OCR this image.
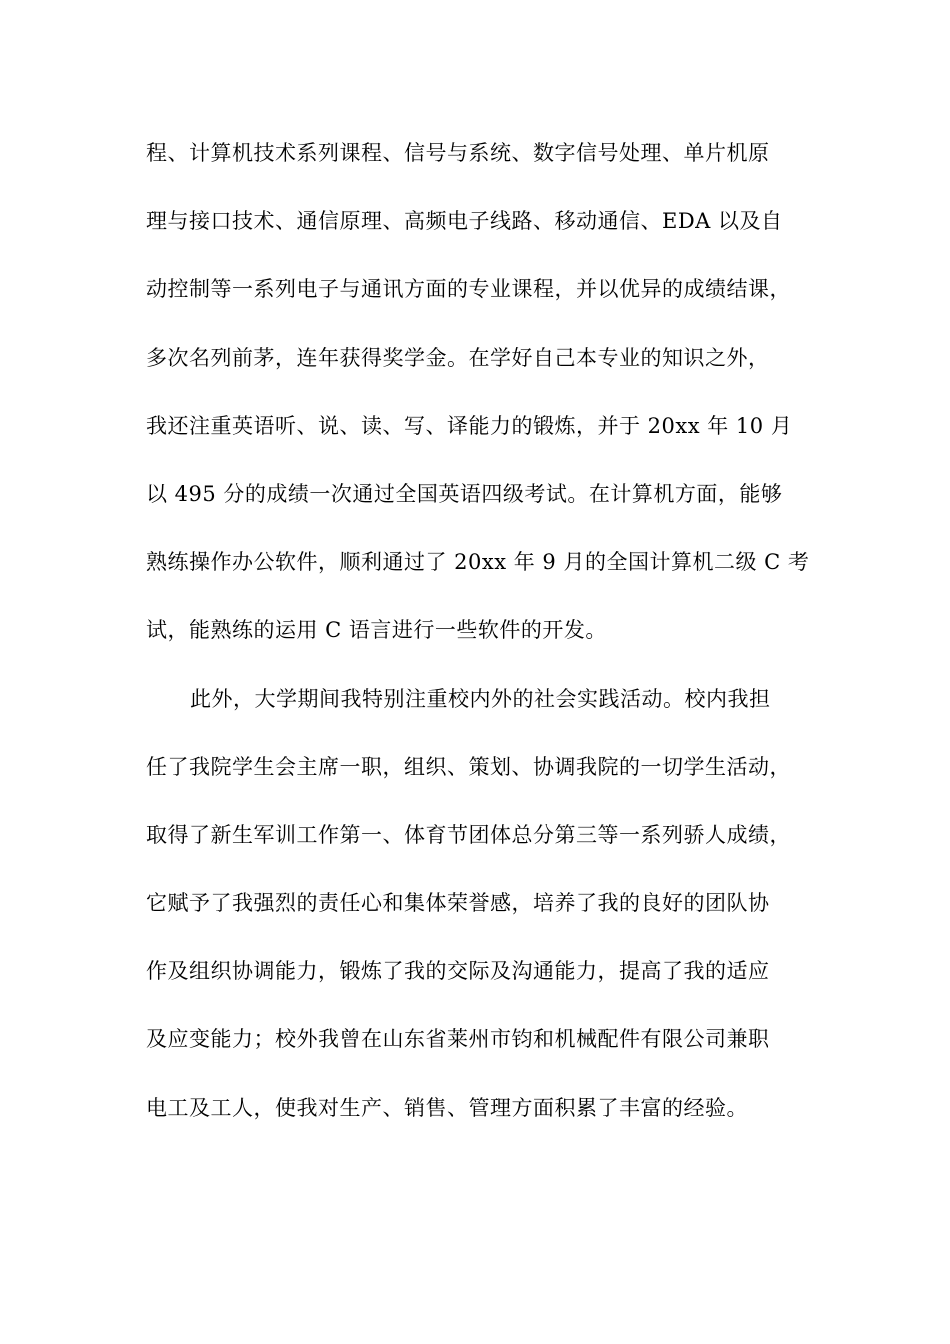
程、计算机技术系列课程、信号与系统、数字信号处理、单片机原
理与接口技术、通信原理、高频电子线路、移动通信、EDA 以及自
动控制等一系列电子与通讯方面的专业课程，并以优异的成绩结课，
多次名列前茅，连年获得奖学金。在学好自己本专业的知识之外，
我还注重英语听、说、读、写、译能力的锻炼，并于 20xx 年 10 月
以 495 分的成绩一次通过全国英语四级考试。在计算机方面，能够
熟练操作办公软件，顺利通过了 20xx 年 9 月的全国计算机二级 C 考
试，能熟练的运用 C 语言进行一些软件的开发。
此外，大学期间我特别注重校内外的社会实践活动。校内我担
任了我院学生会主席一职，组织、策划、协调我院的一切学生活动，
取得了新生军训工作第一、体育节团体总分第三等一系列骄人成绩，
它赋予了我强烈的责任心和集体荣誉感，培养了我的良好的团队协
作及组织协调能力，锻炼了我的交际及沟通能力，提高了我的适应
及应变能力；校外我曾在山东省莱州市钧和机械配件有限公司兼职
电工及工人，使我对生产、销售、管理方面积累了丰富的经验。
